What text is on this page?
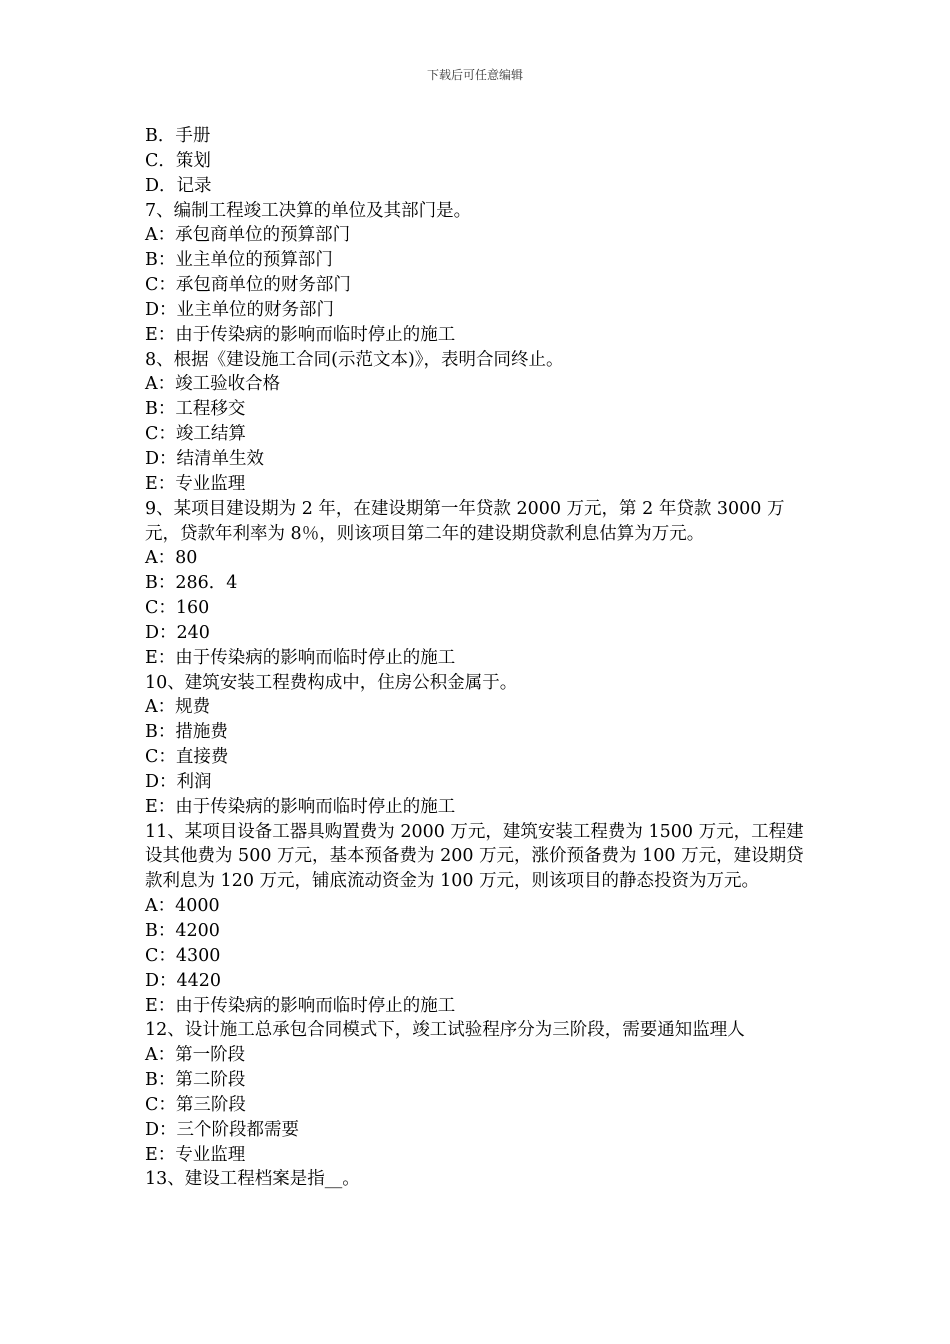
下载后可任意编辑

B．手册

C．策划

D．记录

7、编制工程竣工决算的单位及其部门是。

A：承包商单位的预算部门

B：业主单位的预算部门

C：承包商单位的财务部门

D：业主单位的财务部门

E：由于传染病的影响而临时停止的施工

8、根据《建设施工合同(示范文本)》，表明合同终止。

A：竣工验收合格

B：工程移交

C：竣工结算

D：结清单生效

E：专业监理

9、某项目建设期为 2 年，在建设期第一年贷款 2000 万元，第 2 年贷款 3000 万元，贷款年利率为 8％，则该项目第二年的建设期贷款利息估算为万元。

A：80

B：286．4

C：160

D：240

E：由于传染病的影响而临时停止的施工

10、建筑安装工程费构成中，住房公积金属于。

A：规费

B：措施费

C：直接费

D：利润

E：由于传染病的影响而临时停止的施工

11、某项目设备工器具购置费为 2000 万元，建筑安装工程费为 1500 万元，工程建设其他费为 500 万元，基本预备费为 200 万元，涨价预备费为 100 万元，建设期贷款利息为 120 万元，铺底流动资金为 100 万元，则该项目的静态投资为万元。

A：4000

B：4200

C：4300

D：4420

E：由于传染病的影响而临时停止的施工

12、设计施工总承包合同模式下，竣工试验程序分为三阶段，需要通知监理人

A：第一阶段

B：第二阶段

C：第三阶段

D：三个阶段都需要

E：专业监理

13、建设工程档案是指__。
